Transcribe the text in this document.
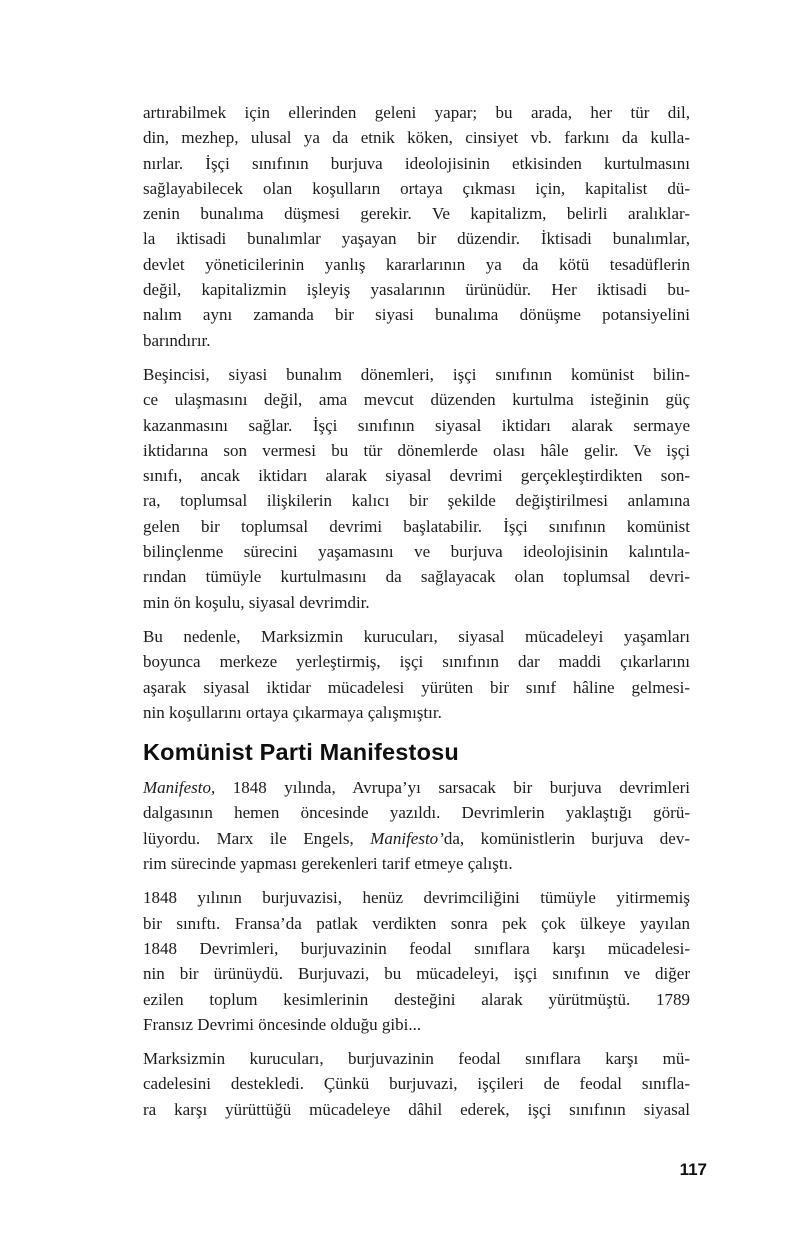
artırabilmek için ellerinden geleni yapar; bu arada, her tür dil,
din, mezhep, ulusal ya da etnik köken, cinsiyet vb. farkını da kulla-
nırlar. İşçi sınıfının burjuva ideolojisinin etkisinden kurtulmasını
sağlayabilecek olan koşulların ortaya çıkması için, kapitalist dü-
zenin bunalıma düşmesi gerekir. Ve kapitalizm, belirli aralıklar-
la iktisadi bunalımlar yaşayan bir düzendir. İktisadi bunalımlar,
devlet yöneticilerinin yanlış kararlarının ya da kötü tesadüflerin
değil, kapitalizmin işleyiş yasalarının ürünüdür. Her iktisadi bu-
nalım aynı zamanda bir siyasi bunalıma dönüşme potansiyelini
barındırır.
Beşincisi, siyasi bunalım dönemleri, işçi sınıfının komünist bilin-
ce ulaşmasını değil, ama mevcut düzenden kurtulma isteğinin güç
kazanmasını sağlar. İşçi sınıfının siyasal iktidarı alarak sermaye
iktidarına son vermesi bu tür dönemlerde olası hâle gelir. Ve işçi
sınıfı, ancak iktidarı alarak siyasal devrimi gerçekleştirdikten son-
ra, toplumsal ilişkilerin kalıcı bir şekilde değiştirilmesi anlamına
gelen bir toplumsal devrimi başlatabilir. İşçi sınıfının komünist
bilinçlenme sürecini yaşamasını ve burjuva ideolojisinin kalıntıla-
rından tümüyle kurtulmasını da sağlayacak olan toplumsal devri-
min ön koşulu, siyasal devrimdir.
Bu nedenle, Marksizmin kurucuları, siyasal mücadeleyi yaşamları
boyunca merkeze yerleştirmiş, işçi sınıfının dar maddi çıkarlarını
aşarak siyasal iktidar mücadelesi yürüten bir sınıf hâline gelmesi-
nin koşullarını ortaya çıkarmaya çalışmıştır.
Komünist Parti Manifestosu
Manifesto, 1848 yılında, Avrupa’yı sarsacak bir burjuva devrimleri
dalgasının hemen öncesinde yazıldı. Devrimlerin yaklaştığı görü-
lüyordu. Marx ile Engels, Manifesto’da, komünistlerin burjuva dev-
rim sürecinde yapması gerekenleri tarif etmeye çalıştı.
1848 yılının burjuvazisi, henüz devrimciliğini tümüyle yitirmemiş
bir sınıftı. Fransa’da patlak verdikten sonra pek çok ülkeye yayılan
1848 Devrimleri, burjuvazinin feodal sınıflara karşı mücadelesi-
nin bir ürünüydü. Burjuvazi, bu mücadeleyi, işçi sınıfının ve diğer
ezilen toplum kesimlerinin desteğini alarak yürütmüştü. 1789
Fransız Devrimi öncesinde olduğu gibi...
Marksizmin kurucuları, burjuvazinin feodal sınıflara karşı mü-
cadelesini destekledi. Çünkü burjuvazi, işçileri de feodal sınıfla-
ra karşı yürüttüğü mücadeleye dâhil ederek, işçi sınıfının siyasal
117
